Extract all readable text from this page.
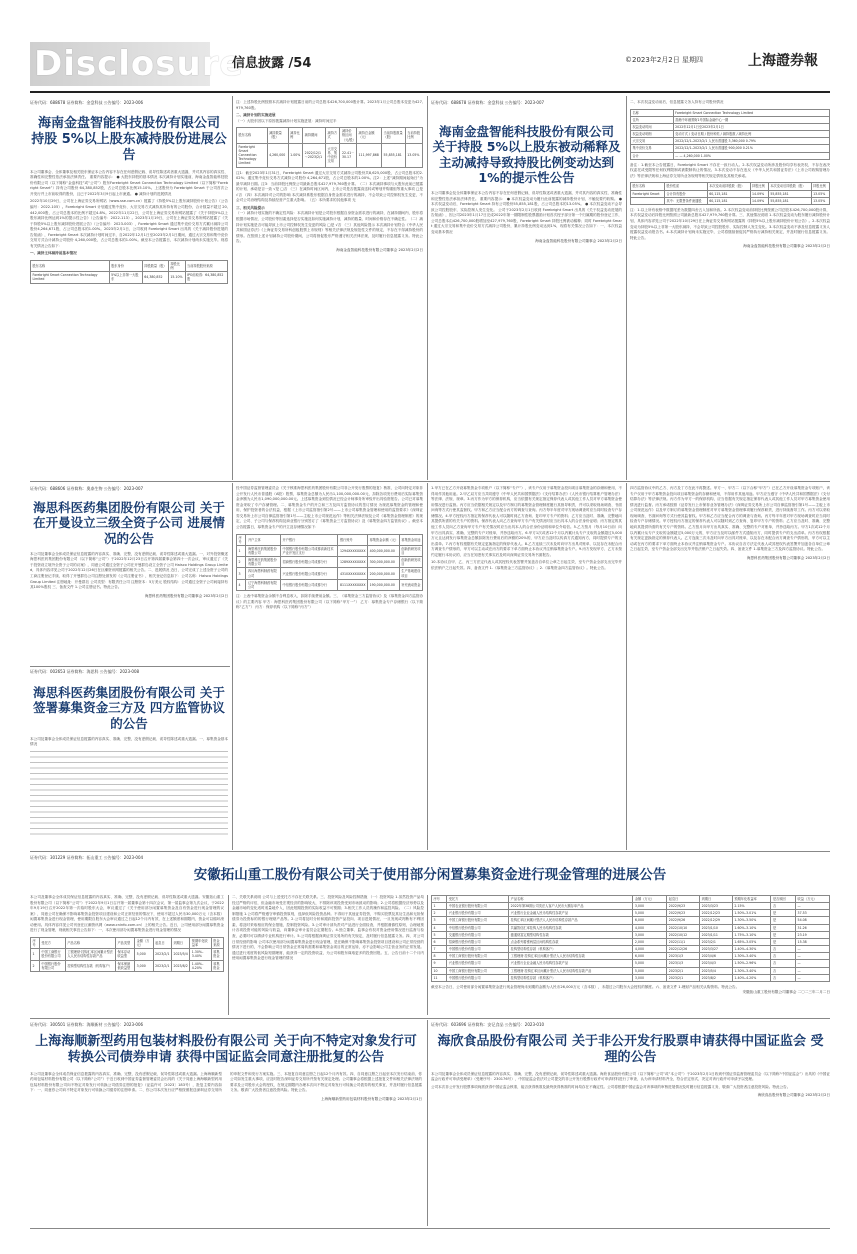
Disclosure
信息披露 /54	©2023年2月2日 星期四	上海證券報
证券代码：688678 证券简称：金盘科技 公告编号：2023-006
海南金盘智能科技股份有限公司 持股 5%以上股东减持股份进展公告
本公司董事会、全体董事及相关股东保证本公告内容不存在任何虚假记载、误导性陈述或者重大遗漏，并对其内容的真实性、准确性和完整性依法承担法律责任。 重要内容提示： ● 大股东持股的基本情况 本次减持计划实施前，海南金盘智能科技股份有限公司（以下简称“金盘科技”或“公司”）股东Forebright Smart Connection Technology Limited（以下简称“Forebright Smart”）持有公司股份 64,380,852股，占公司总股本比例15.10%。上述股份为 Forebright Smart 于公司首次公开发行并上市前取得的股份，且已于2022年3月9日起上市流通。 ● 减持计划的进展情况
2022年10月29日，公司在上海证券交易所网站（www.sse.com.cn）披露了《持股5%以上股东减持股份计划公告》（公告编号：2022-105）。Forebright Smart 计划通过集中竞价、大宗交易方式减持其所持有的公司股份，合计数量不超过 20,442,000股，占公司总股本的比例不超过4.8%。2022年11月22日，公司在上海证券交易所网站披露了《关于持股5%以上股东减持比例达到1%的提示性公告》（公告编号：2022-113）。2023年1月19日，公司在上海证券交易所网站披露了《关于持股5%以上股东减持股份进展公告》（公告编号：2023-003），Forebright Smart 通过集中竞价交易方式累计减持公司股份4,264,671股，占公司总股本的1.00%。2023年2月1日，公司收到 Forebright Smart 出具的《关于减持股份进展的告知函》，Forebright Smart 本次减持计划时间过半，自2022年12月1日至2023年2月1日期间，通过大宗交易和集中竞价交易方式合计减持公司股份 4,260,000股，占公司总股本的1.00%。截至本公告披露日，本次减持计划尚未实施完毕。现将有关情况公告如下：
一、减持主体减持前基本情况
股东名称	股东身份	持股数量（股）	持股比例	当前持股股份来源
Forebright Smart Connection Technology Limited	5%以上非第一大股东	64,380,852	15.10%	IPO前取得：64,380,852股
注：上述持股比例按照本次减持计划披露日前的公司总股本426,700,000股计算。2023年1月公司总股本变更为427,979,760股。
二、减持计划的实施进展
（一）大股东因以下原因披露减持计划实施进展：减持时间过半
股东名称	减持数量（股）	减持比例	减持期间	减持方式	减持价格区间（元/股）	减持总金额（元）	当前持股数量（股）	当前持股比例
Forebright Smart Connection Technology Limited	4,260,000	1.00%	2022/12/1～2023/2/1	大宗交易、集中竞价交易	22.41－30.17	111,997,868	55,855,181	13.05%
注1：截至2023年1月31日，Forebright Smart 通过大宗交易方式减持公司股份共8,625,000股，占公司总股本的2.02%；通过集中竞价交易方式减持公司股份 4,264,671股，占公司总股本的1.00%。注2：上述“减持期间起始日”为最早减持日期。注3：当前持股比例按公司最新总股本427,979,760股计算。（二）本次减持事项与大股东此前已披露的计划、承诺是否一致 √是 □否 （三）在减持时间区间内，上市公司是否披露高送转或筹划并购重组等重大事项 □是 √否 （四）本次减持对公司的影响 本次减持系股东根据自身资金需求进行的减持，不会导致公司控制权发生变更，不会对公司治理结构及持续经营产生重大影响。（五）本所要求的其他事项 无
三、相关风险提示
（一）减持计划实施的不确定性风险：本次减持计划是公司股东根据自身资金需求进行的减持，在减持期间内，股东将根据市场情况、公司股价等因素选择是否实施及如何实施减持计划，减持的数量、时间和价格存在不确定性。（二）减持计划实施是否可能导致上市公司控制权发生变更的风险 □是 √否 （三）其他风险提示 本次减持计划符合《中华人民共和国证券法》《上海证券交易所科创板股票上市规则》等相关法律法规及规范性文件的规定，不存在不得减持股份的情形。在按照上述计划减持公司股份期间，公司将督促股东严格遵守相关法律法规，及时履行信息披露义务。特此公告。
海南金盘智能科技股份有限公司董事会 2023年2月2日
证券代码：688678 证券简称：金盘科技 公告编号：2023-007
海南金盘智能科技股份有限公司 关于持股 5%以上股东被动稀释及 主动减持导致持股比例变动达到 1%的提示性公告
本公司董事会及全体董事保证本公告内容不存在任何虚假记载、误导性陈述或者重大遗漏，并对其内容的真实性、准确性和完整性依法承担法律责任。 重要内容提示： ● 本次权益变动为履行此前披露的减持股份计划，不触及要约收购。 ● 本次权益变动后，Forebright Smart 持有公司股份55,855,181股，占公司总股本的13.05%。 ● 本次权益变动不会导致公司控股股东、实际控制人发生变化。 公司于2023年2月1日收到 Forebright Smart 出具的《关于权益变动进展的告知函》，因公司2023年1月17日完成2022年第一期限制性股票激励计划首次授予部分第一个归属期的股份登记工作，公司总股本由426,700,000股增加至427,979,760股，Forebright Smart 持股比例被动稀释；同时 Forebright Smart 通过大宗交易和集中竞价交易方式减持公司股份，累计持股比例变动达到1%，现将有关情况公告如下：一、本次权益变动基本情况
海南金盘智能科技股份有限公司董事会 2023年2月2日
二、本次权益变动前后，信息披露义务人持有公司股份情况
名称	Forebright Smart Connection Technology Limited
住所	香港中环港景街1号国际金融中心一期
权益变动时间	2022年12月1日至2023年2月1日
权益变动明细	变动方式 / 变动日期 / 股份种类 / 减持股数 / 减持比例
大宗交易	2022/12/1–2023/2/1 人民币普通股 3,360,000 0.79%
集中竞价交易	2022/12/1–2023/2/1 人民币普通股 900,000 0.21%
合计	— — 4,260,000 1.00%
备注：1.截至本公告披露日，Forebright Smart 不存在一致行动人。2.本次权益变动所涉及股份均享有表决权，不存在表决权委托或受限等任何权利限制或被限制转让的情况。3.本次变动不存在违反《中华人民共和国证券法》《上市公司收购管理办法》等法律法规和上海证券交易所业务规则等相关规定情形及其相关承诺。
股东名称	股份性质	本次变动前持股数（股）	持股比例	本次变动后持股数（股）	持股比例
Forebright Smart	合计持有股份	60,115,181	14.09%	55,855,181	13.05%
	其中：无限售条件流通股	60,115,181	14.09%	55,855,181	13.05%
注：1.以上所有表格中数据尾差为数据四舍五入加和所致。2.本次权益变动前持股比例按照公司总股本426,700,000股计算，本次权益变动后持股比例按照公司最新总股本427,979,760股计算。三、其他情况说明 1.本次权益变动为股东履行减持股份计划，具体内容详见公司于2022年10月29日在上海证券交易所网站披露的《持股5%以上股东减持股份计划公告》。2.本次权益变动为持股5%以上非第一大股东减持，不会导致公司控股股东、实际控制人发生变化。3.本次权益变动不涉及信息披露义务人披露权益变动报告书。4.本次减持计划尚未实施完毕，公司将继续督促其严格执行减持相关规定，并及时履行信息披露义务。特此公告。
海南金盘智能科技股份有限公司董事会 2023年2月2日
证券代码：688606 证券简称：奥泰生物 公告编号：2023-007
海思科医药集团股份有限公司 关于在开曼设立三级全资子公司 进展情况的公告
本公司及董事会全体成员保证信息披露的内容真实、准确、完整，没有虚假记载、误导性陈述或重大遗漏。一、对外投资概述 海思科医药集团股份有限公司（以下简称“公司”）于2022年12月23日召开第四届董事会第四十一次会议，审议通过了《关于投资设立境外全资子公司的议案》，同意公司通过全资子公司在开曼群岛设立全资子公司 Haisco Holdings Group Limited，具体内容详见公司于2022年12月26日在巨潮资讯网披露的相关公告。二、进展情况 近日，公司完成了上述全资子公司的工商注册登记手续，取得了开曼群岛公司注册处颁发的《公司注册证书》，相关登记信息如下：公司名称：Haisco Holdings Group Limited 注册地址：开曼群岛 公司类型：有限责任公司 注册资本：5万美元 股权结构：公司通过全资子公司间接持有其100%股权 三、备查文件 1.公司注册证书。特此公告。
海思科医药集团股份有限公司董事会 2023年2月2日
证券代码：002653 证券简称：海思科 公告编号：2023-008
海思科医药集团股份有限公司 关于签署募集资金三方及 四方监管协议的公告
本公司及董事会全体成员保证信息披露的内容真实、准确、完整，没有虚假记载、误导性陈述或重大遗漏。一、募集资金基本情况
经中国证券监督管理委员会《关于核准海思科医药集团股份有限公司非公开发行股票的批复》核准，公司向特定对象非公开发行人民币普通股（A股）股票，募集资金总额为人民币1,100,000,000.00元，扣除各项发行费用后实际募集资金净额为人民币1,090,000,000.00元。上述募集资金到位情况已经会计师事务所审验并出具验资报告。公司已对募集资金采取了专户存储管理。二、募集资金专户的开立和三方及四方监管协议的签订情况 为规范募集资金的管理和使用，保护投资者的合法权益，根据《上市公司监管指引第2号——上市公司募集资金管理和使用的监管要求》《深圳证券交易所上市公司自律监管指引第1号——主板上市公司规范运作》等相关法律法规及公司《募集资金管理制度》的规定，公司、子公司与保荐机构及商业银行分别签订了《募集资金三方监管协议》及《募集资金四方监管协议》。截至本公告披露日，募集资金专户的开立及存储情况如下：
序号	开户主体	开户银行	银行账号	募集资金余额（元）	募集资金用途
1	海思科医药集团股份有限公司	中国银行股份有限公司成都高新技术产业开发区支行	1294XXXXXXXX	400,000,000.00	创新药研发项目
2	海思科医药集团股份有限公司	招商银行股份有限公司成都分行	1289XXXXXXXX	300,000,000.00	创新药研发项目
3	四川海思科制药有限公司	兴业银行股份有限公司成都分行	4310XXXXXXXX	200,000,000.00	生产基地建设项目
4	辽宁海思科制药有限公司	中信银行股份有限公司成都分行	8111XXXXXXXX	190,000,000.00	补充流动资金
注：上表中募集资金余额不含利息收入，扣除手续费前金额。三、《募集资金三方监管协议》及《募集资金四方监管协议》的主要内容 甲方：海思科医药集团股份有限公司（以下简称“甲方一”） 乙方：募集资金专户存储银行（以下简称“乙方”） 丙方：保荐机构（以下简称“丙方”）
1.甲方已在乙方开设募集资金专项账户（以下简称“专户”），该专户仅用于募集资金投向项目募集资金的存储和使用，不得用作其他用途。2.甲乙双方应当共同遵守《中华人民共和国票据法》《支付结算办法》《人民币银行结算账户管理办法》等法律、法规、规章。3.丙方作为甲方的保荐机构，应当依据有关规定指定保荐代表人或其他工作人员对甲方募集资金使用情况进行监督。丙方应当依据相关规定以及甲方制订的募集资金管理制度履行其督导职责，并可以采取现场调查、书面问询等方式行使其监督权。甲方和乙方应当配合丙方的调查与查询。丙方每半年度对甲方现场调查时应当同时检查专户存储情况。4.甲方授权丙方指定的保荐代表人可以随时到乙方查询、复印甲方专户的资料；乙方应当及时、准确、完整地向其提供所需的有关专户的资料。保荐代表人向乙方查询甲方专户有关情况时应当出具本人的合法身份证明；丙方指定的其他工作人员向乙方查询甲方专户有关情况时应当出具本人的合法身份证明和单位介绍信。5.乙方按月（每月10日前）向甲方出具真实、准确、完整的专户对账单，并抄送给丙方。6.甲方1次或者12个月以内累计从专户支取的金额超过5,000万元且达到发行募集资金总额扣除发行费用后的净额的20%的，甲方应当及时以传真方式通知丙方，同时提供专户的支出清单。7.丙方有权根据有关规定更换指定的保荐代表人。8.乙方连续三次未及时向甲方出具对账单，以及存在未配合丙方调查专户情形的，甲方可以主动或在丙方的要求下单方面终止本协议并注销募集资金专户。9.丙方发现甲方、乙方未按约定履行本协议的，应当在知悉有关事实后及时向深圳证券交易所书面报告。
10.本协议自甲、乙、丙三方法定代表人或其授权代表签署并加盖各自单位公章之日起生效，至专户资金全部支出完毕并依法销户之日起失效。四、备查文件 1.《募集资金三方监管协议》；2.《募集资金四方监管协议》。特此公告。
四方监管协议中的乙方、丙方及丁方在此不再赘述。甲方一、甲方二（以下合称“甲方”）已在乙方开设募集资金专项账户，该专户仅用于甲方募集资金投向项目募集资金的存储和使用，不得用作其他用途。甲方应当遵守《中华人民共和国票据法》《支付结算办法》等法律法规。丙方作为甲方一的保荐机构，应当依据有关规定指定保荐代表人或其他工作人员对甲方募集资金使用情况进行监督。丙方承诺按照《证券发行上市保荐业务管理办法》《深圳证券交易所上市公司自律监管指引第1号——主板上市公司规范运作》以及甲方制订的募集资金管理制度对甲方募集资金管理事项履行保荐职责，进行持续督导工作。丙方可以采取现场调查、书面问询等方式行使其监督权。甲方和乙方应当配合丙方的调查与查询。丙方每半年度对甲方现场调查时应当同时检查专户存储情况。甲方授权丙方指定的保荐代表人可以随时到乙方查询、复印甲方专户的资料；乙方应当及时、准确、完整地向其提供所需的有关专户的资料。乙方按月向甲方出具真实、准确、完整的专户对账单，并抄送给丙方。甲方1次或12个月以内累计从专户支取的金额超过5,000万元的，甲方应当及时以邮件方式通知丙方，同时提供专户的支出清单。丙方有权根据有关规定更换指定的保荐代表人。乙方连续三次未及时向甲方出具对账单，以及存在未配合丙方调查专户情形的，甲方可以主动或在丙方的要求下单方面终止本协议并注销募集资金专户。本协议自各方法定代表人或其授权代表签署并加盖各自单位公章之日起生效，至专户资金全部支出完毕并依法销户之日起失效。四、备查文件 1.募集资金三方及四方监管协议。特此公告。
海思科医药集团股份有限公司董事会 2023年2月2日
证券代码：301229 证券简称：拓山重工 公告编号：2023-004
安徽拓山重工股份有限公司关于使用部分闲置募集资金进行现金管理的进展公告
本公司及董事会全体成员保证信息披露的内容真实、准确、完整，没有虚假记载、误导性陈述或重大遗漏。安徽拓山重工股份有限公司（以下简称“公司”）于2022年9月1日召开第一届董事会第十四次会议、第一届监事会第九次会议，于2022年9月19日召开2022年第一次临时股东大会，审议通过了《关于使用部分闲置募集资金及自有资金进行现金管理的议案》，同意公司在确保不影响募集资金投资项目建设和公司正常经营的情况下，使用不超过人民币30,000万元（含本数）闲置募集资金进行现金管理，使用期限自股东大会审议通过之日起12个月内有效，在上述额度和期限内，资金可以循环滚动使用。具体内容详见公司刊登在巨潮资讯网（www.cninfo.com.cn）上的相关公告。近日，公司使用部分闲置募集资金进行了现金管理，现就相关事宜公告如下：一、本次使用部分闲置募集资金进行现金管理的情况
序号	受托方	产品名称	产品类型	金额（万元）	起息日	到期日	预期年化收益率	资金来源
1	中国工商银行股份有限公司	工银理财·挂钩汇率区间累计型法人人民币结构性存款产品	保本浮动收益型	5,000	2023/2/1	2023/5/4	1.30%–3.40%	募集资金
2	中国银行股份有限公司	挂钩型结构性存款（机构客户）	保本保最低收益型	3,000	2023/2/1	2023/8/2	1.40%–4.20%	募集资金
二、关联关系说明 公司与上述受托方不存在关联关系。三、投资风险及风险控制措施 （一）投资风险 1.虽然投资产品均经过严格的评估，但金融市场受宏观经济的影响较大，不排除该项投资受到市场波动的影响；2.公司将根据经济形势以及金融市场的变化适时适量地介入，因此短期投资的实际收益不可预期；3.相关工作人员的操作和监控风险。（二）风险控制措施 1.公司将严格遵守审慎投资原则，选择低风险投资品种。不得用于其他证券投资，不购买股票及其衍生品和无担保债券为投资标的的银行理财产品等。2.公司将及时分析和跟踪投资产品投向、项目进展情况，一旦发现或判断有不利因素，将及时采取相应的保全措施，控制投资风险。3.公司审计部负责对产品进行全面检查，并根据谨慎性原则，合理地预计各项投资可能的风险与收益，向董事会审计委员会定期报告。4.独立董事、监事会有权对资金使用情况进行监督与检查，必要时可以聘请专业机构进行审计。5.公司将根据深圳证券交易所的有关规定，及时履行信息披露义务。四、对公司日常经营的影响 公司本次使用部分闲置募集资金进行现金管理，是在确保不影响募集资金投资项目建设和公司正常经营的情况下进行的，不会影响公司日常资金正常周转需要和募集资金项目的正常运转，亦不会影响公司主营业务的正常发展。通过进行适度的低风险短期理财，能获得一定的投资收益，为公司和股东谋取更多的投资回报。五、公告日前十二个月内使用闲置募集资金进行现金管理的情况
序号	受托方	产品名称	金额（万元）	起息日	到期日	预期年化收益率	是否赎回	收益（万元）
1	中国农业银行股份有限公司	2022年第38期公司类法人客户人民币大额存单产品	3,000	2022/9/23	2023/3/23	2.15%	否	—
2	兴业银行股份有限公司	兴业银行企业金融人民币结构性存款产品	5,000	2022/9/23	2022/12/23	1.50%–3.01%	是	37.53
3	中国工商银行股份有限公司	挂钩汇率区间累计型法人人民币结构性存款产品	6,000	2022/9/26	2022/12/29	1.30%–3.50%	是	54.08
4	中信银行股份有限公司	共赢智信汇率挂钩人民币结构性存款	4,000	2022/10/10	2023/1/10	1.60%–3.10%	是	31.26
5	交通银行股份有限公司	蕴通财富定期型结构性存款	3,000	2022/10/12	2023/1/11	1.75%–3.10%	是	23.19
6	招商银行股份有限公司	点金系列看涨两层区间结构性存款	2,000	2022/11/1	2023/2/1	1.65%–3.05%	是	15.38
7	中国银行股份有限公司	挂钩型结构性存款（机构客户）	4,000	2022/12/26	2023/3/27	1.40%–4.30%	否	—
8	中国工商银行股份有限公司	工银理财·挂钩汇率区间累计型法人人民币结构性存款	6,000	2023/1/3	2023/4/6	1.30%–3.40%	否	—
9	兴业银行股份有限公司	兴业银行企业金融人民币结构性存款产品	5,000	2023/1/3	2023/4/3	1.50%–2.96%	否	—
10	中国工商银行股份有限公司	工银理财·挂钩汇率区间累计型法人人民币结构性存款产品	5,000	2023/2/1	2023/5/4	1.30%–3.40%	否	—
11	中国银行股份有限公司	挂钩型结构性存款（机构客户）	3,000	2023/2/1	2023/8/2	1.40%–4.20%	否	—
截至本公告日，公司使用部分闲置募集资金进行现金管理尚未到期的金额为人民币26,000万元（含本数），未超过公司股东大会授权的额度。六、备查文件 1.理财产品相关认购资料。特此公告。
安徽拓山重工股份有限公司董事会 二〇二三年二月二日
证券代码：300501 证券简称：海顺新材 公告编号：2023-006
上海海顺新型药用包装材料股份有限公司 关于向不特定对象发行可转换公司债券申请 获得中国证监会同意注册批复的公告
本公司及董事会全体成员保证信息披露的内容真实、准确、完整，没有虚假记载、误导性陈述或重大遗漏。上海海顺新型药用包装材料股份有限公司（以下简称“公司”）于近日收到中国证券监督管理委员会出具的《关于同意上海海顺新型药用包装材料股份有限公司向不特定对象发行可转换公司债券注册的批复》（证监许可〔2023〕183号），批复主要内容如下：一、同意你公司向不特定对象发行可转换公司债券的注册申请。二、你公司本次发行应严格按照报送深圳证券交易所的申报文件和发行方案实施。三、本批复自同意注册之日起12个月内有效。四、自同意注册之日起至本次发行结束前，你公司如发生重大事项，应及时报告深圳证券交易所并按有关规定处理。公司董事会将根据上述批复文件和相关法律法规的要求及公司股东大会的授权，在规定期限内办理本次向不特定对象发行可转换公司债券的相关事宜，并及时履行信息披露义务。敬请广大投资者注意投资风险。特此公告。
上海海顺新型药用包装材料股份有限公司董事会 2023年2月1日
证券代码：603696 证券简称：安记食品 公告编号：2023-010
海欣食品股份有限公司 关于非公开发行股票申请获得中国证监会 受理的公告
本公司及董事会全体成员保证信息披露的内容真实、准确、完整，没有虚假记载、误导性陈述或重大遗漏。海欣食品股份有限公司（以下简称“公司”或“本公司”）于2023年2月1日收到中国证券监督管理委员会（以下简称“中国证监会”）出具的《中国证监会行政许可申请受理单》（受理序号：230176号），中国证监会依法对公司提交的非公开发行股票行政许可申请材料进行了审查，认为该申请材料齐全，符合法定形式，决定对该行政许可申请予以受理。
公司本次非公开发行股票事项尚需获得中国证监会核准，能否获得核准及最终获得核准的时间均存在不确定性。公司将根据中国证监会对该事项的审核进展情况及时履行信息披露义务，敬请广大投资者注意投资风险。特此公告。
海欣食品股份有限公司董事会 2023年2月2日
